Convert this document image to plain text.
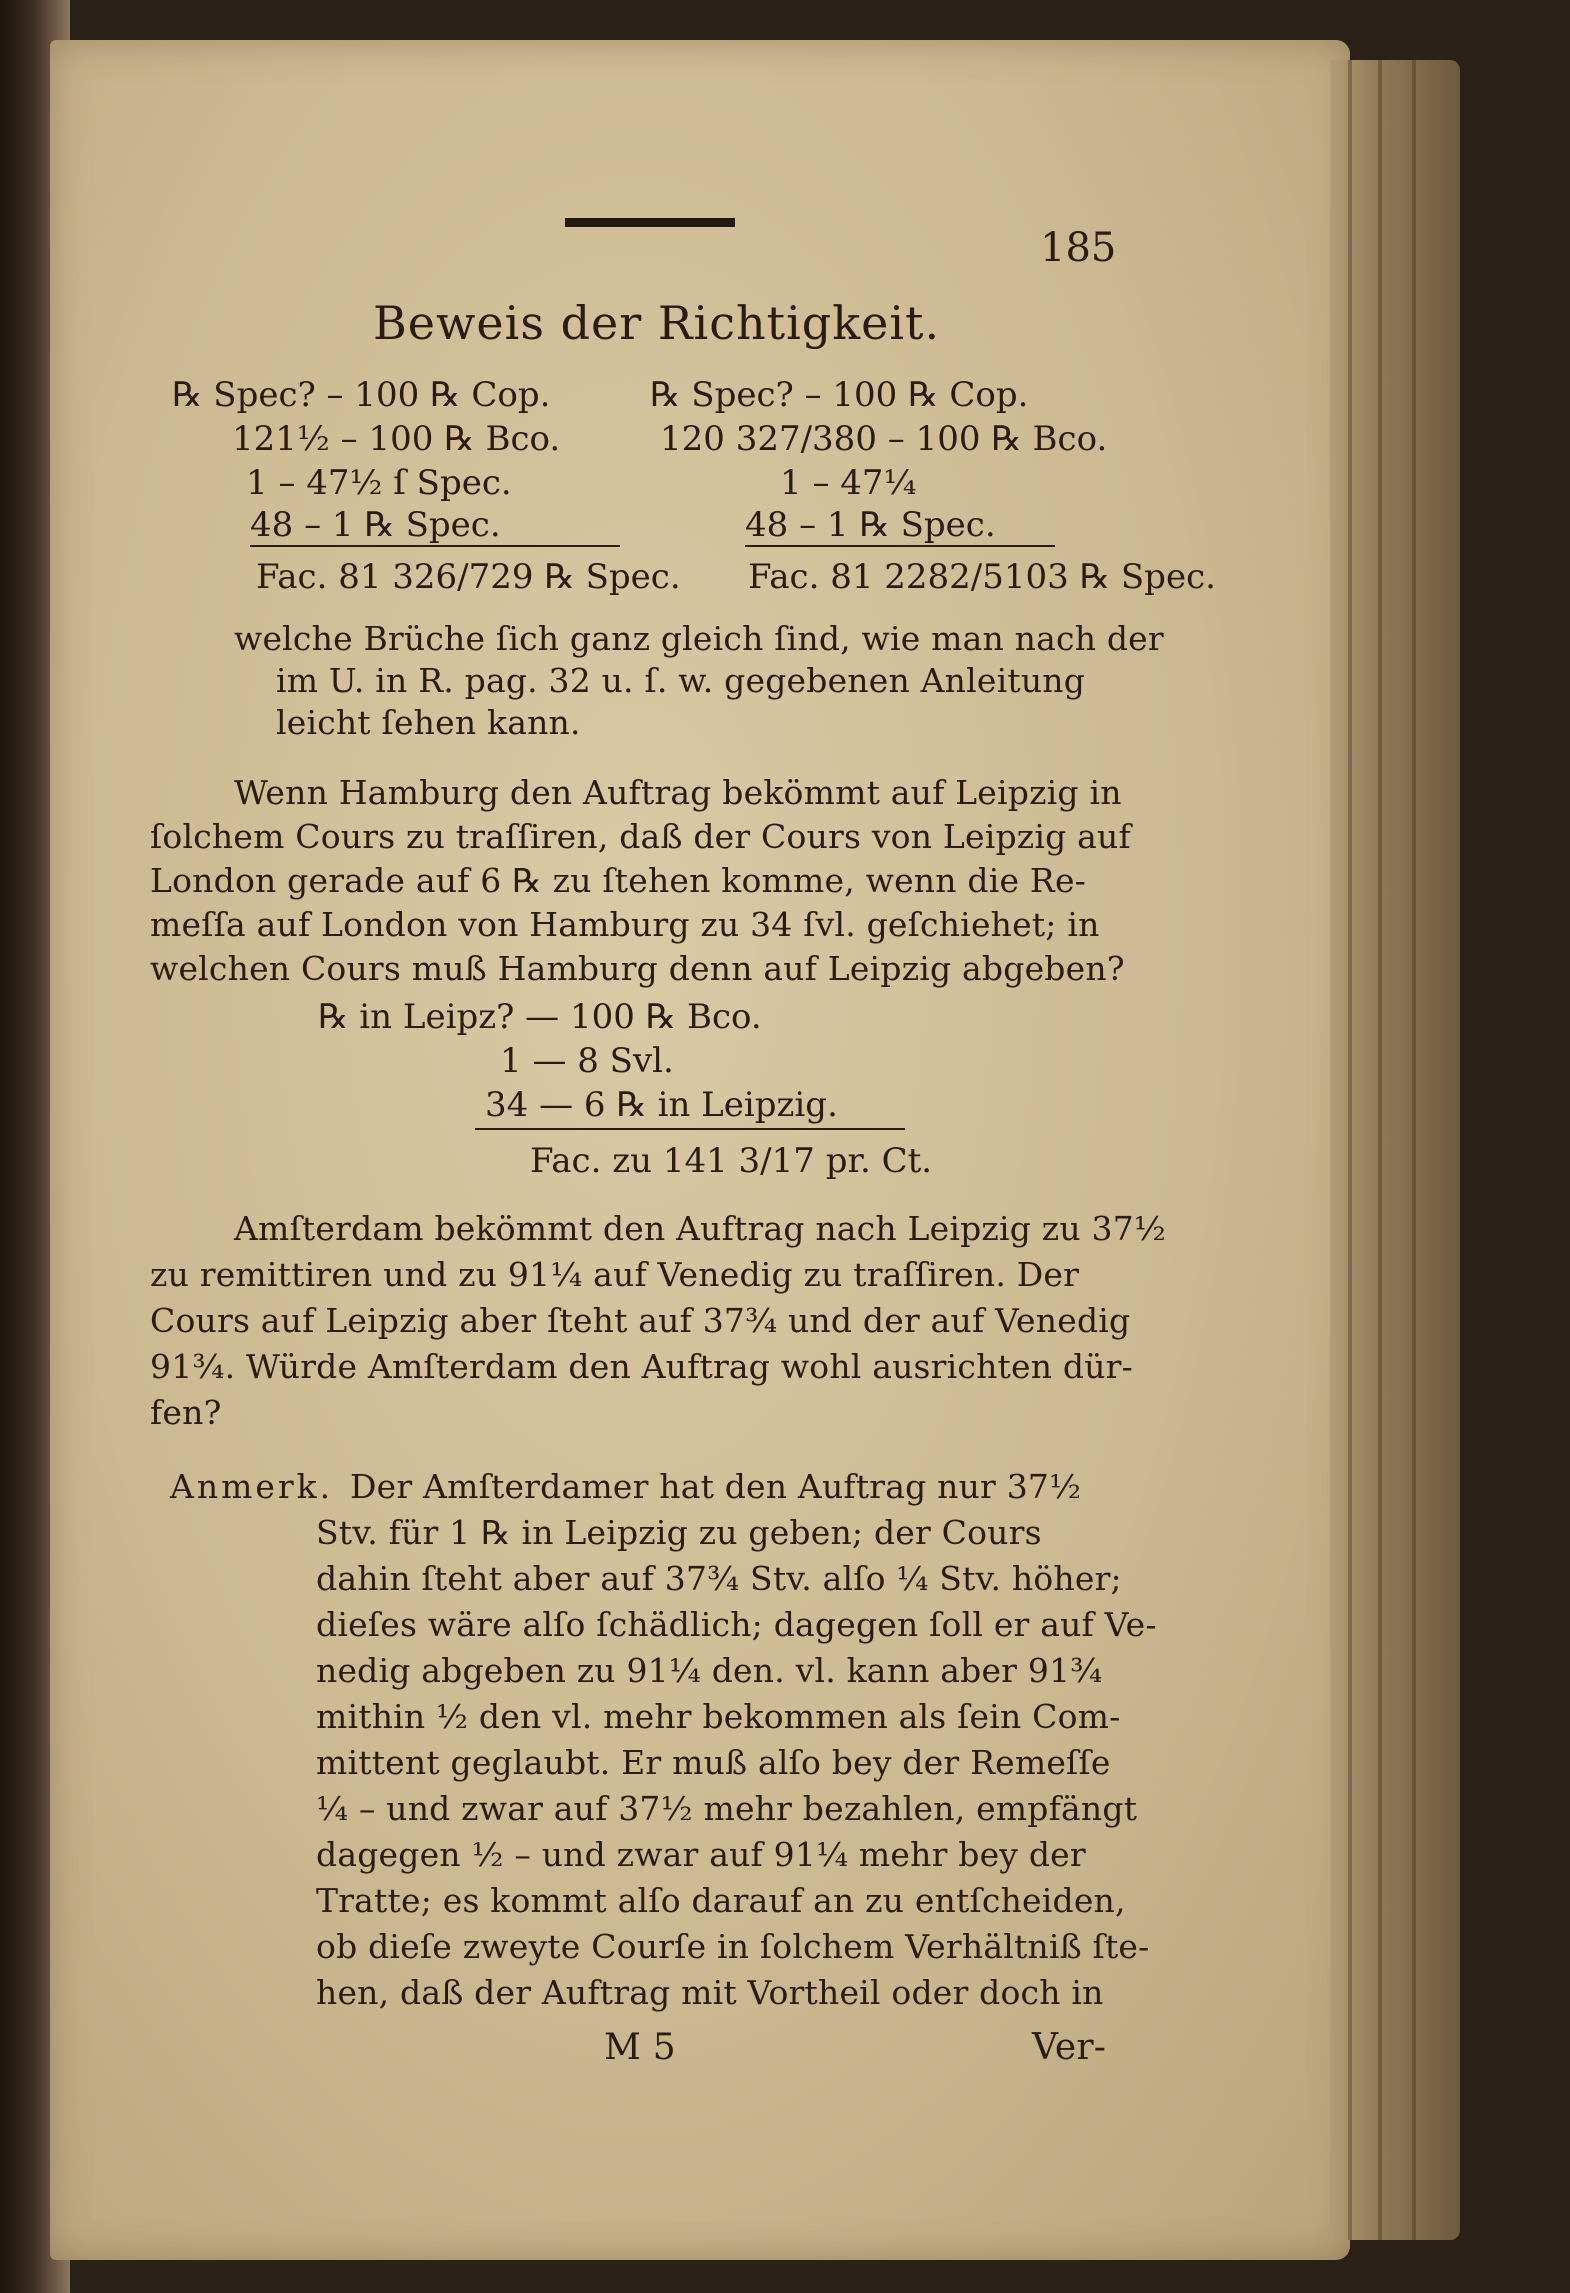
185
Beweis der Richtigkeit.
℞ Spec? – 100 ℞ Cop.
121½ – 100 ℞ Bco.
1 – 47½ ſ Spec.
48 – 1 ℞ Spec.
Fac. 81 326/729 ℞ Spec.
℞ Spec? – 100 ℞ Cop.
120 327/380 – 100 ℞ Bco.
1 – 47¼
48 – 1 ℞ Spec.
Fac. 81 2282/5103 ℞ Spec.
welche Brüche ſich ganz gleich ſind, wie man nach der
im U. in R. pag. 32 u. ſ. w. gegebenen Anleitung
leicht ſehen kann.
Wenn Hamburg den Auftrag bekömmt auf Leipzig in
ſolchem Cours zu traſſiren, daß der Cours von Leipzig auf
London gerade auf 6 ℞ zu ſtehen komme, wenn die Re-
meſſa auf London von Hamburg zu 34 ſvl. geſchiehet; in
welchen Cours muß Hamburg denn auf Leipzig abgeben?
℞ in Leipz? — 100 ℞ Bco.
1 — 8 Svl.
34 — 6 ℞ in Leipzig.
Fac. zu 141 3/17 pr. Ct.
Amſterdam bekömmt den Auftrag nach Leipzig zu 37½
zu remittiren und zu 91¼ auf Venedig zu traſſiren. Der
Cours auf Leipzig aber ſteht auf 37¾ und der auf Venedig
91¾. Würde Amſterdam den Auftrag wohl ausrichten dür-
fen?
Anmerk. Der Amſterdamer hat den Auftrag nur 37½
Stv. für 1 ℞ in Leipzig zu geben; der Cours
dahin ſteht aber auf 37¾ Stv. alſo ¼ Stv. höher;
dieſes wäre alſo ſchädlich; dagegen ſoll er auf Ve-
nedig abgeben zu 91¼ den. vl. kann aber 91¾
mithin ½ den vl. mehr bekommen als ſein Com-
mittent geglaubt. Er muß alſo bey der Remeſſe
¼ – und zwar auf 37½ mehr bezahlen, empfängt
dagegen ½ – und zwar auf 91¼ mehr bey der
Tratte; es kommt alſo darauf an zu entſcheiden,
ob dieſe zweyte Courſe in ſolchem Verhältniß ſte-
hen, daß der Auftrag mit Vortheil oder doch in
M 5	Ver-
